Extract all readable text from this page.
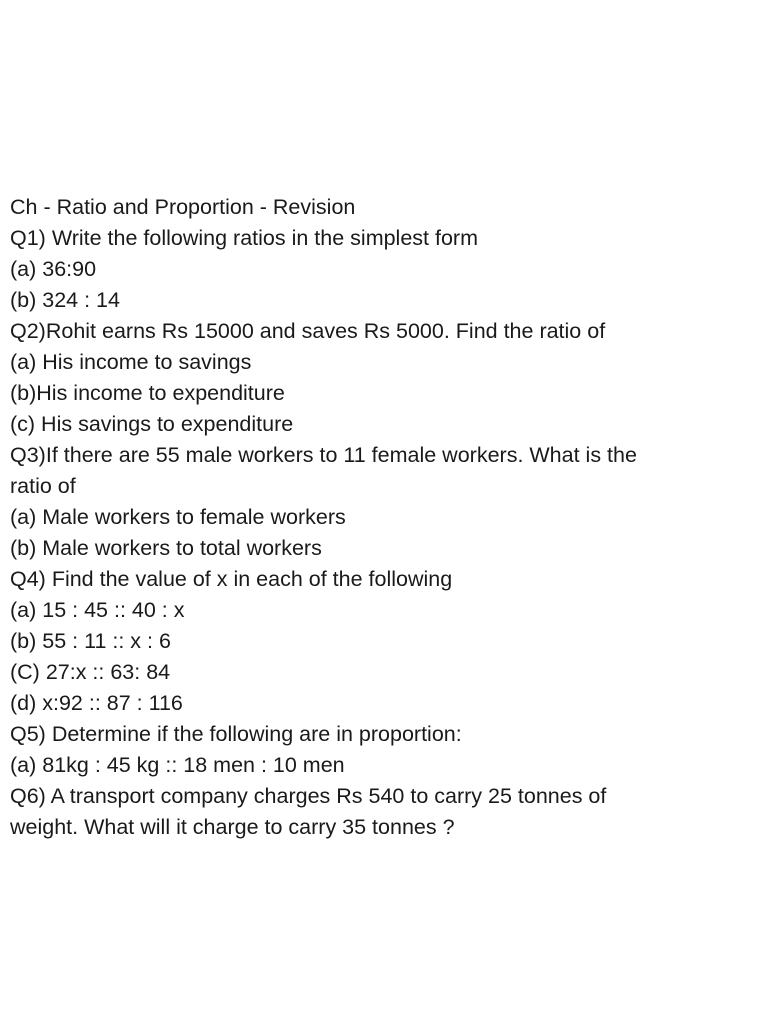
Ch - Ratio and Proportion - Revision
Q1) Write the following ratios in the simplest form
(a) 36:90
(b) 324 : 14
Q2)Rohit earns Rs 15000 and saves Rs 5000. Find the ratio of
(a) His income to savings
(b)His income to expenditure
(c) His savings to expenditure
Q3)If there are 55 male workers to 11 female workers. What is the
ratio of
(a) Male workers to female workers
(b) Male workers to total workers
Q4) Find the value of x in each of the following
(a) 15 : 45 :: 40 : x
(b) 55 : 11 :: x : 6
(C) 27:x :: 63: 84
(d) x:92 :: 87 : 116
Q5) Determine if the following are in proportion:
(a) 81kg : 45 kg :: 18 men : 10 men
Q6) A transport company charges Rs 540 to carry 25 tonnes of
weight. What will it charge to carry 35 tonnes ?
